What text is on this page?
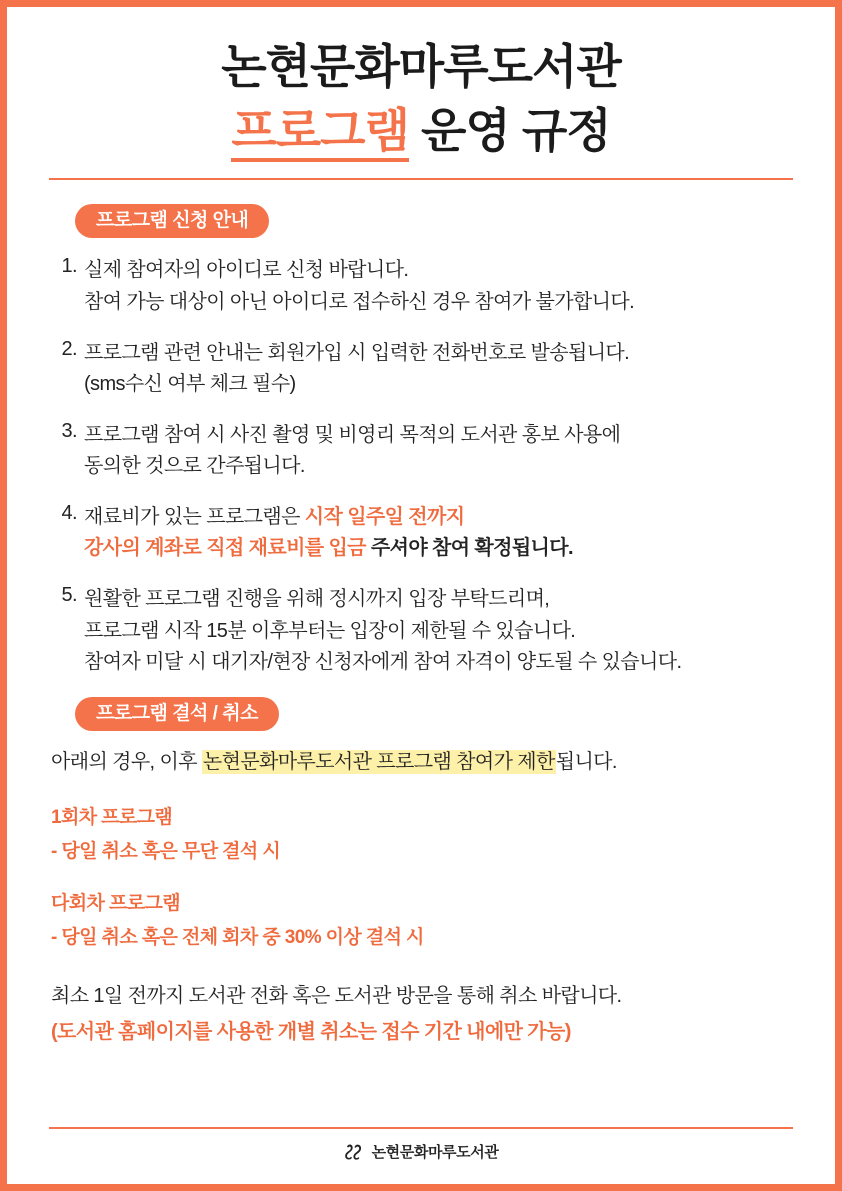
논현문화마루도서관
프로그램 운영 규정
프로그램 신청 안내
1. 실제 참여자의 아이디로 신청 바랍니다.
참여 가능 대상이 아닌 아이디로 접수하신 경우 참여가 불가합니다.
2. 프로그램 관련 안내는 회원가입 시 입력한 전화번호로 발송됩니다.
(sms수신 여부 체크 필수)
3. 프로그램 참여 시 사진 촬영 및 비영리 목적의 도서관 홍보 사용에
동의한 것으로 간주됩니다.
4. 재료비가 있는 프로그램은 시작 일주일 전까지
강사의 계좌로 직접 재료비를 입금 주셔야 참여 확정됩니다.
5. 원활한 프로그램 진행을 위해 정시까지 입장 부탁드리며,
프로그램 시작 15분 이후부터는 입장이 제한될 수 있습니다.
참여자 미달 시 대기자/현장 신청자에게 참여 자격이 양도될 수 있습니다.
프로그램 결석 / 취소
아래의 경우, 이후 논현문화마루도서관 프로그램 참여가 제한됩니다.
1회차 프로그램
- 당일 취소 혹은 무단 결석 시
다회차 프로그램
- 당일 취소 혹은 전체 회차 중 30% 이상 결석 시
최소 1일 전까지 도서관 전화 혹은 도서관 방문을 통해 취소 바랍니다.
(도서관 홈페이지를 사용한 개별 취소는 접수 기간 내에만 가능)
논현문화마루도서관
